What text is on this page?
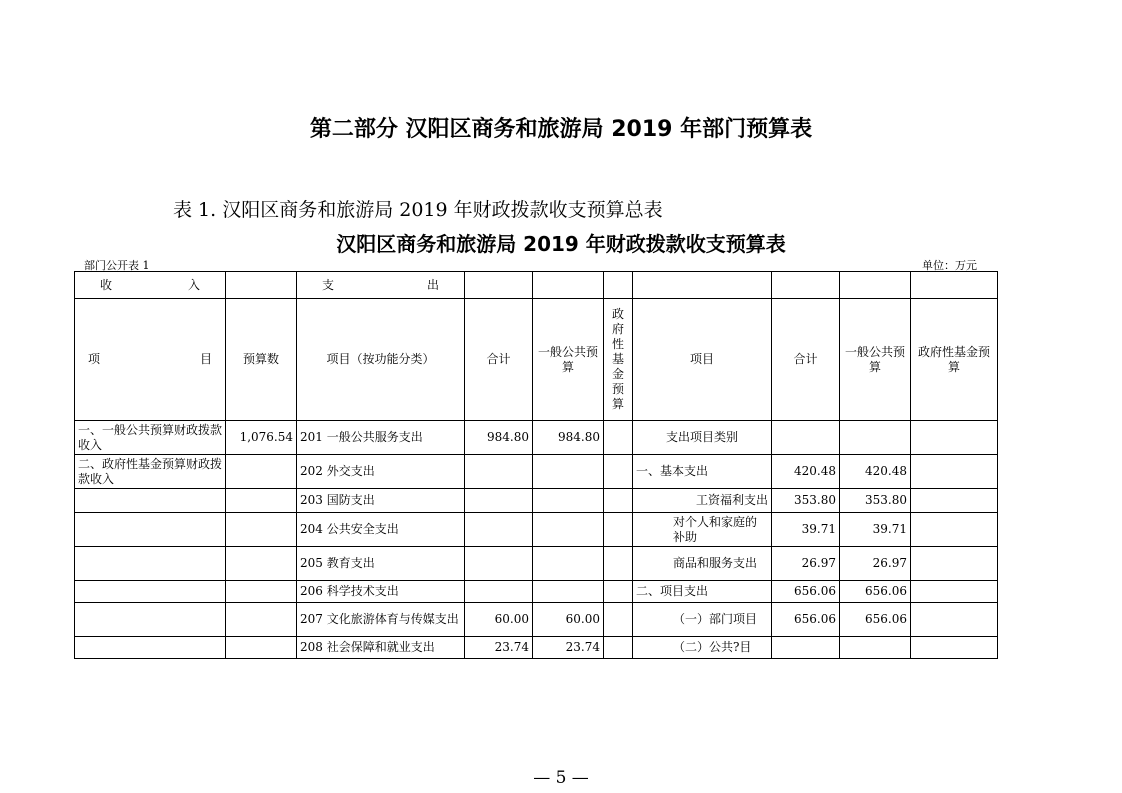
第二部分 汉阳区商务和旅游局 2019 年部门预算表
表 1. 汉阳区商务和旅游局 2019 年财政拨款收支预算总表
汉阳区商务和旅游局 2019 年财政拨款收支预算表
部门公开表 1	单位：万元
收 入		支 出							

项 目	预算数	项目（按功能分类）	合计	一般公共预算	政府性基金预算	项目	合计	一般公共预算	政府性基金预算
一、一般公共预算财政拨款收入	1,076.54	201 一般公共服务支出	984.80	984.80		支出项目类别			
二、政府性基金预算财政拨款收入		202 外交支出				一、基本支出	420.48	420.48	
		203 国防支出				工资福利支出	353.80	353.80	
		204 公共安全支出				对个人和家庭的补助	39.71	39.71	
		205 教育支出				商品和服务支出	26.97	26.97	
		206 科学技术支出				二、项目支出	656.06	656.06	
		207 文化旅游体育与传媒支出	60.00	60.00		（一）部门项目	656.06	656.06	
		208 社会保障和就业支出	23.74	23.74		（二）公共?目			
— 5 —
